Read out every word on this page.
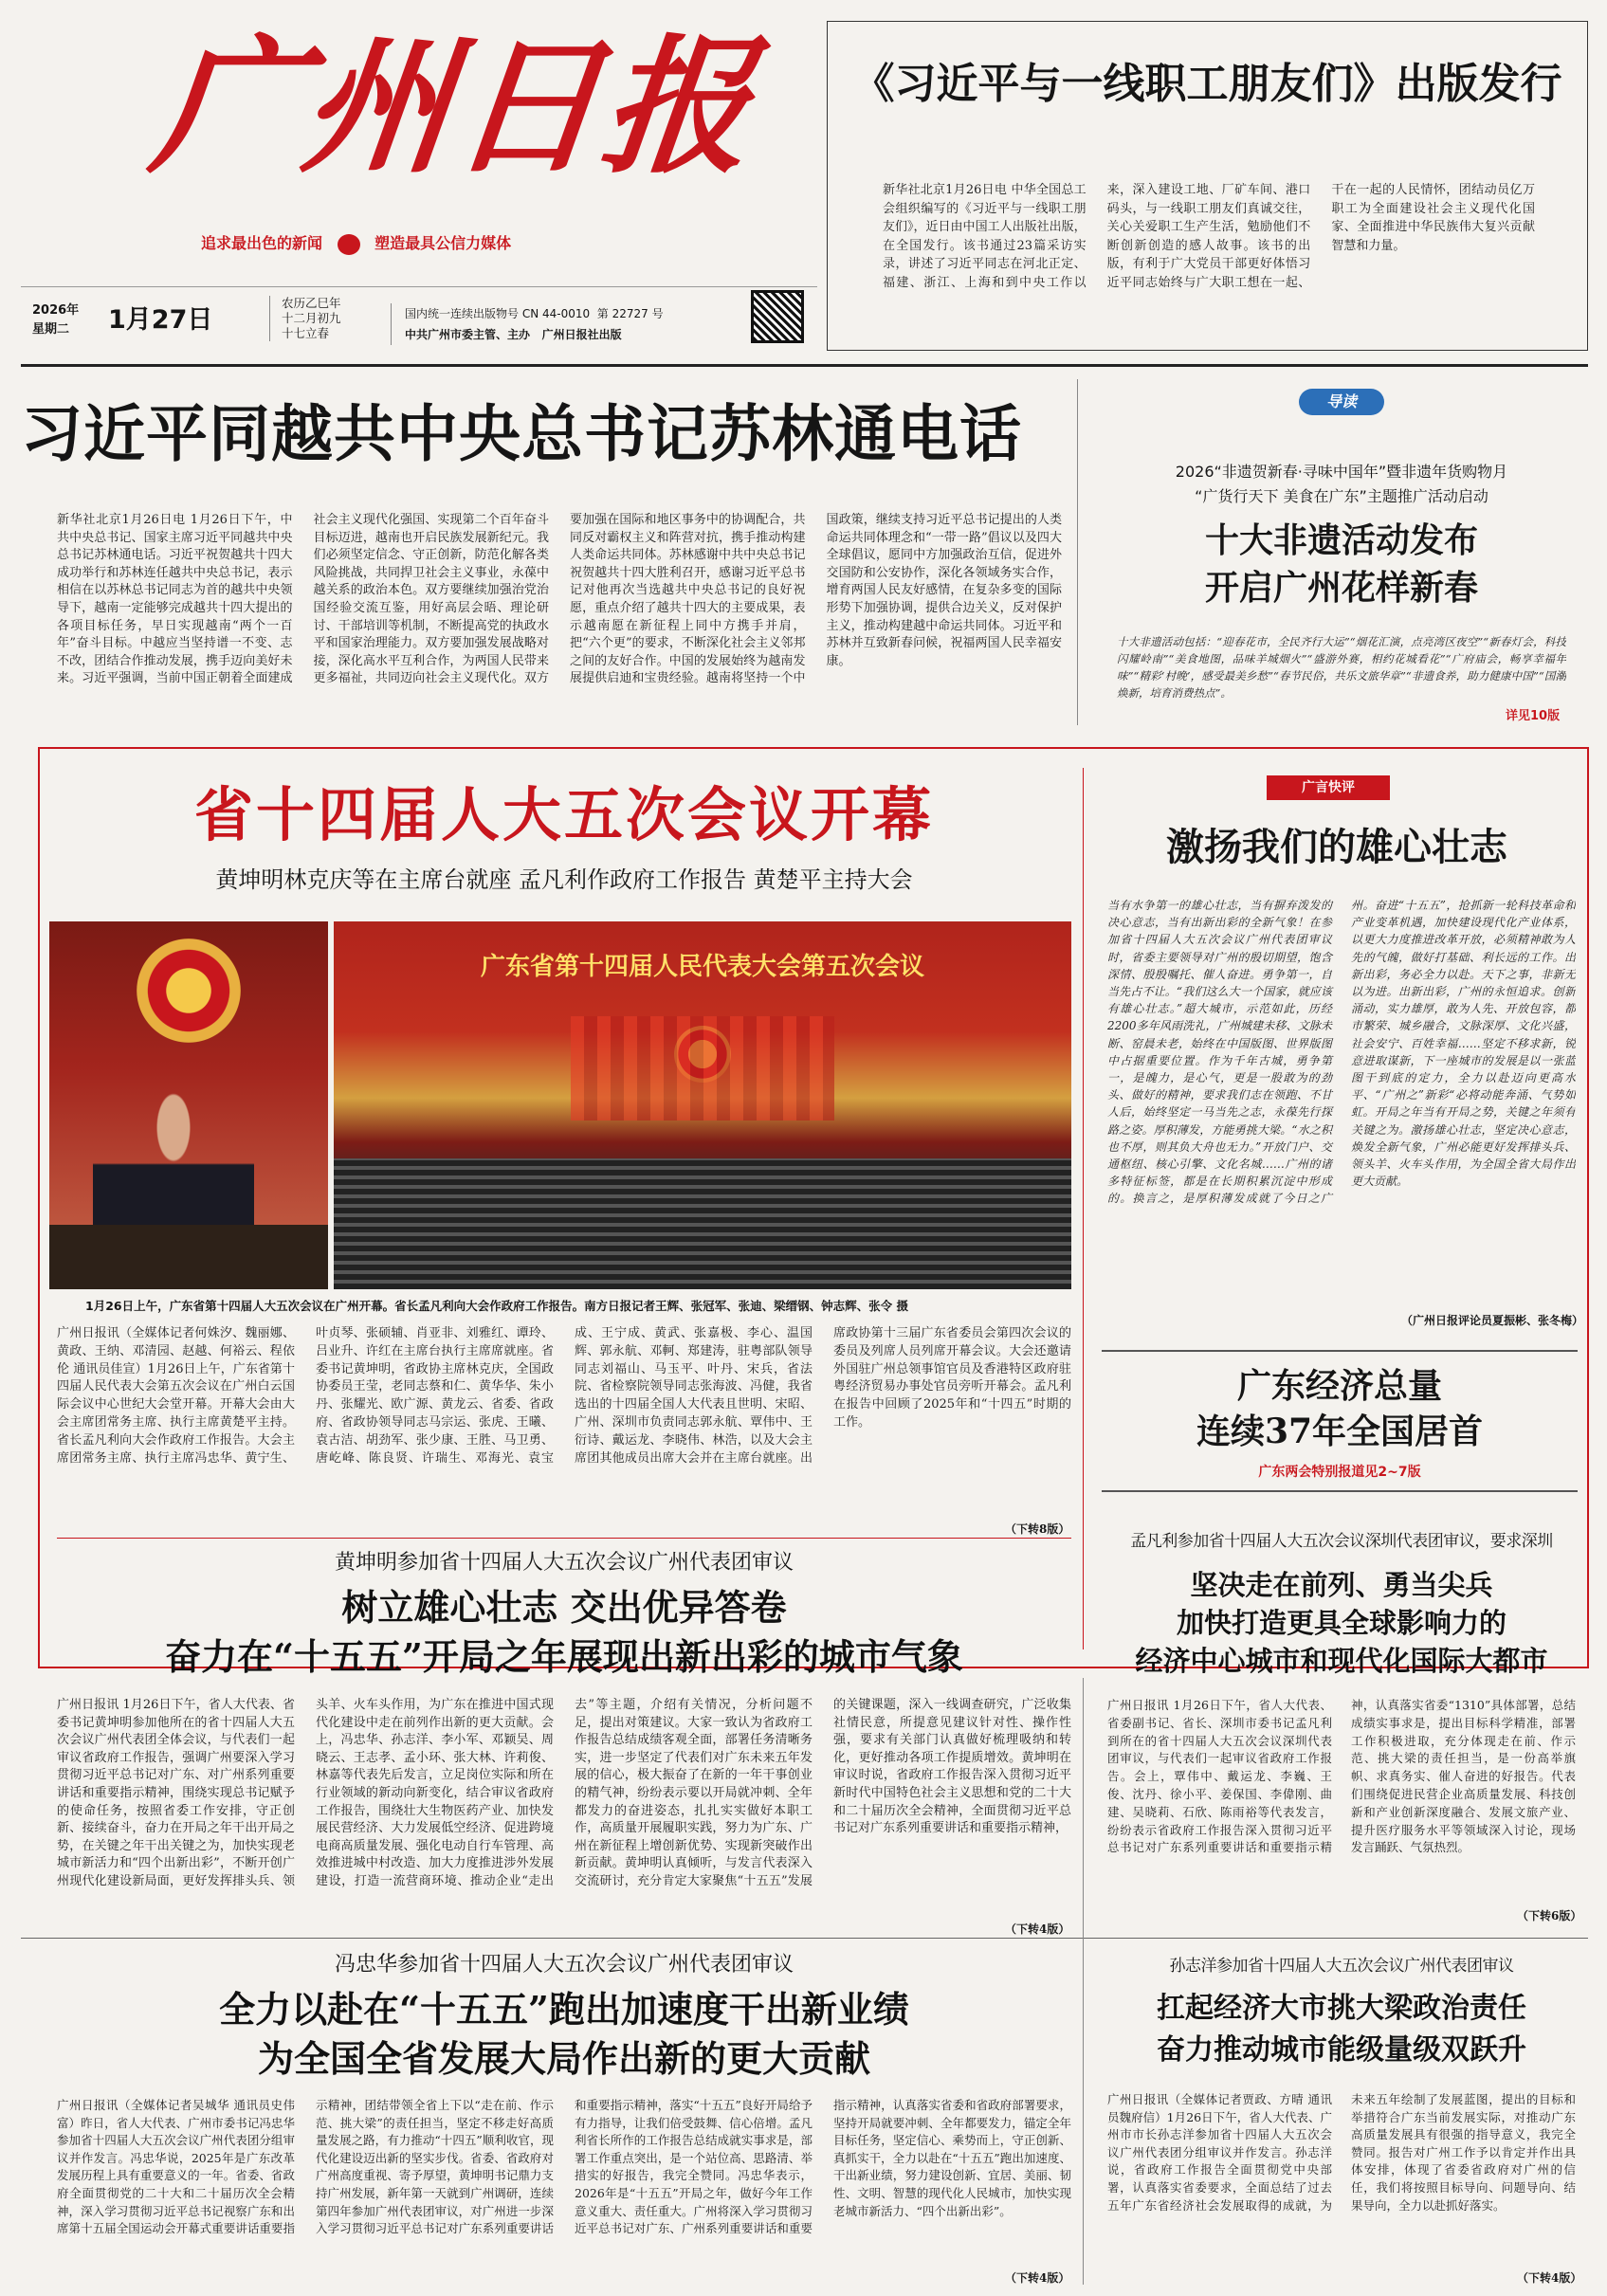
广州日报
追求最出色的新闻	塑造最具公信力媒体
2026年
星期二	1月27日
农历乙巳年
十二月初九
十七立春
国内统一连续出版物号 CN 44-0010 第 22727 号
中共广州市委主管、主办 广州日报社出版
《习近平与一线职工朋友们》出版发行
新华社北京1月26日电 中华全国总工会组织编写的《习近平与一线职工朋友们》，近日由中国工人出版社出版，在全国发行。该书通过23篇采访实录，讲述了习近平同志在河北正定、福建、浙江、上海和到中央工作以来，深入建设工地、厂矿车间、港口码头，与一线职工朋友们真诚交往，关心关爱职工生产生活，勉励他们不断创新创造的感人故事。该书的出版，有利于广大党员干部更好体悟习近平同志始终与广大职工想在一起、干在一起的人民情怀，团结动员亿万职工为全面建设社会主义现代化国家、全面推进中华民族伟大复兴贡献智慧和力量。
习近平同越共中央总书记苏林通电话
新华社北京1月26日电 1月26日下午，中共中央总书记、国家主席习近平同越共中央总书记苏林通电话。习近平祝贺越共十四大成功举行和苏林连任越共中央总书记，表示相信在以苏林总书记同志为首的越共中央领导下，越南一定能够完成越共十四大提出的各项目标任务，早日实现越南“两个一百年”奋斗目标。中越应当坚持谱一不变、志不改，团结合作推动发展，携手迈向美好未来。习近平强调，当前中国正朝着全面建成社会主义现代化强国、实现第二个百年奋斗目标迈进，越南也开启民族发展新纪元。我们必须坚定信念、守正创新，防范化解各类风险挑战，共同捍卫社会主义事业，永葆中越关系的政治本色。双方要继续加强治党治国经验交流互鉴，用好高层会晤、理论研讨、干部培训等机制，不断提高党的执政水平和国家治理能力。双方要加强发展战略对接，深化高水平互利合作，为两国人民带来更多福祉，共同迈向社会主义现代化。双方要加强在国际和地区事务中的协调配合，共同反对霸权主义和阵营对抗，携手推动构建人类命运共同体。苏林感谢中共中央总书记祝贺越共十四大胜利召开，感谢习近平总书记对他再次当选越共中央总书记的良好祝愿，重点介绍了越共十四大的主要成果，表示越南愿在新征程上同中方携手并肩，把“六个更”的要求，不断深化社会主义邻邦之间的友好合作。中国的发展始终为越南发展提供启迪和宝贵经验。越南将坚持一个中国政策，继续支持习近平总书记提出的人类命运共同体理念和“一带一路”倡议以及四大全球倡议，愿同中方加强政治互信，促进外交国防和公安协作，深化各领域务实合作，增育两国人民友好感情，在复杂多变的国际形势下加强协调，提供合边关义，反对保护主义，推动构建越中命运共同体。习近平和苏林并互致新春问候，祝福两国人民幸福安康。
导读
2026“非遗贺新春·寻味中国年”暨非遗年货购物月
“广货行天下 美食在广东”主题推广活动启动
十大非遗活动发布
开启广州花样新春
十大非遗活动包括：“迎春花市，全民齐行大运”“烟花汇演，点亮湾区夜空”“新春灯会，科技闪耀岭南”“美食地图，品味羊城烟火”“盛游外赛，相约花城看花”“广府庙会，畅享幸福年味”“精彩‘村晚’，感受最美乡愁”“春节民俗，共乐文旅华章”“非遗食养，助力健康中国”“国潮焕新，培育消费热点”。
详见10版
省十四届人大五次会议开幕
黄坤明林克庆等在主席台就座 孟凡利作政府工作报告 黄楚平主持大会
广东省第十四届人民代表大会第五次会议
1月26日上午，广东省第十四届人大五次会议在广州开幕。省长孟凡利向大会作政府工作报告。南方日报记者王辉、张冠军、张迪、梁缙钢、钟志辉、张令 摄
广州日报讯（全媒体记者何姝汐、魏丽娜、黄政、王纳、邓清园、赵越、何裕云、程依伦 通讯员佳宣）1月26日上午，广东省第十四届人民代表大会第五次会议在广州白云国际会议中心世纪大会堂开幕。开幕大会由大会主席团常务主席、执行主席黄楚平主持。省长孟凡利向大会作政府工作报告。大会主席团常务主席、执行主席冯忠华、黄宁生、叶贞琴、张硕辅、肖亚非、刘雅红、谭玲、吕业升、许红在主席台执行主席席就座。省委书记黄坤明，省政协主席林克庆，全国政协委员王莹，老同志蔡和仁、黄华华、朱小丹、张耀光、欧广源、黄龙云、省委、省政府、省政协领导同志马宗运、张虎、王曦、袁古洁、胡劲军、张少康、王胜、马卫勇、唐屹峰、陈良贤、许瑞生、邓海光、袁宝成、王宁成、黄武、张嘉极、李心、温国辉、郭永航、邓軻、郑建涛，驻粤部队领导同志刘福山、马玉平、叶丹、宋兵，省法院、省检察院领导同志张海波、冯健，我省选出的十四届全国人大代表且世明、宋昭、广州、深圳市负责同志郭永航、覃伟中、王衍诗、戴运龙、李晓伟、林浩，以及大会主席团其他成员出席大会并在主席台就座。出席政协第十三届广东省委员会第四次会议的委员及列席人员列席开幕会议。大会还邀请外国驻广州总领事馆官员及香港特区政府驻粤经济贸易办事处官员旁听开幕会。孟凡利在报告中回顾了2025年和“十四五”时期的工作。
（下转8版）
广言快评
激扬我们的雄心壮志
当有水争第一的雄心壮志，当有摒弃泼发的决心意志，当有出新出彩的全新气象！在参加省十四届人大五次会议广州代表团审议时，省委主要领导对广州的殷切期望，饱含深情、殷殷嘱托、催人奋进。勇争第一，自当先占不让。“我们这么大一个国家，就应该有雄心壮志。”超大城市，示范如此，历经2200多年风雨洗礼，广州城建未移、文脉未断、窑晨未老，始终在中国版图、世界版图中占据重要位置。作为千年古城，勇争第一，是魄力，是心气，更是一股敢为的劲头、做好的精神，要求我们志在领跑、不甘人后，始终坚定一马当先之志，永葆先行探路之姿。厚积薄发，方能勇挑大梁。“水之积也不厚，则其负大舟也无力。”开放门户、交通枢纽、核心引擎、文化名城……广州的诸多特征标签，都是在长期积累沉淀中形成的。换言之，是厚积薄发成就了今日之广州。奋进“十五五”，抢抓新一轮科技革命和产业变革机遇，加快建设现代化产业体系，以更大力度推进改革开放，必须精神敢为人先的气魄，做好打基础、利长远的工作。出新出彩，务必全力以赴。天下之事，非新无以为进。出新出彩，广州的永恒追求。创新涌动，实力雄厚，敢为人先、开放包容，都市繁荣、城乡融合，文脉深厚、文化兴盛，社会安宁、百姓幸福……坚定不移求新，锐意进取谋新，下一座城市的发展是以一张蓝图干到底的定力，全力以赴迈向更高水平、“广州之”新彩“必将动能奔涌、气势如虹。开局之年当有开局之势，关键之年须有关键之为。激扬雄心壮志，坚定决心意志，焕发全新气象，广州必能更好发挥排头兵、领头羊、火车头作用，为全国全省大局作出更大贡献。
（广州日报评论员夏振彬、张冬梅）
广东经济总量
连续37年全国居首
广东两会特别报道见2~7版
黄坤明参加省十四届人大五次会议广州代表团审议
树立雄心壮志 交出优异答卷
奋力在“十五五”开局之年展现出新出彩的城市气象
广州日报讯 1月26日下午，省人大代表、省委书记黄坤明参加他所在的省十四届人大五次会议广州代表团全体会议，与代表们一起审议省政府工作报告，强调广州要深入学习贯彻习近平总书记对广东、对广州系列重要讲话和重要指示精神，围绕实现总书记赋予的使命任务，按照省委工作安排，守正创新、接续奋斗，奋力在开局之年干出开局之势，在关键之年干出关键之为，加快实现老城市新活力和“四个出新出彩”，不断开创广州现代化建设新局面，更好发挥排头兵、领头羊、火车头作用，为广东在推进中国式现代化建设中走在前列作出新的更大贡献。会上，冯忠华、孙志洋、李小军、邓颖吴、周晓云、王志孝、孟小环、张大林、许莉俊、林嘉等代表先后发言，立足岗位实际和所在行业领域的新动向新变化，结合审议省政府工作报告，围绕壮大生物医药产业、加快发展民营经济、大力发展低空经济、促进跨境电商高质量发展、强化电动自行车管理、高效推进城中村改造、加大力度推进涉外发展建设，打造一流营商环境、推动企业“走出去”等主题，介绍有关情况，分析问题不足，提出对策建议。大家一致认为省政府工作报告总结成绩客观全面，部署任务清晰务实，进一步坚定了代表们对广东未来五年发展的信心，极大振奋了在新的一年干事创业的精气神，纷纷表示要以开局就冲刺、全年都发力的奋进姿态，扎扎实实做好本职工作，高质量开展履职实践，努力为广东、广州在新征程上增创新优势、实现新突破作出新贡献。黄坤明认真倾听，与发言代表深入交流研讨，充分肯定大家聚焦“十五五”发展的关键课题，深入一线调查研究，广泛收集社情民意，所提意见建议针对性、操作性强，要求有关部门认真做好梳理吸纳和转化，更好推动各项工作提质增效。黄坤明在审议时说，省政府工作报告深入贯彻习近平新时代中国特色社会主义思想和党的二十大和二十届历次全会精神，全面贯彻习近平总书记对广东系列重要讲话和重要指示精神，
（下转4版）
孟凡利参加省十四届人大五次会议深圳代表团审议，要求深圳
坚决走在前列、勇当尖兵
加快打造更具全球影响力的
经济中心城市和现代化国际大都市
广州日报讯 1月26日下午，省人大代表、省委副书记、省长、深圳市委书记孟凡利到所在的省十四届人大五次会议深圳代表团审议，与代表们一起审议省政府工作报告。会上，覃伟中、戴运龙、李巍、王俊、沈丹、徐小平、姜保国、李偉刚、曲建、吴晓莉、石欣、陈雨裕等代表发言，纷纷表示省政府工作报告深入贯彻习近平总书记对广东系列重要讲话和重要指示精神，认真落实省委“1310”具体部署，总结成绩实事求是，提出目标科学精准，部署工作积极进取，充分体现走在前、作示范、挑大梁的责任担当，是一份高举旗帜、求真务实、催人奋进的好报告。代表们围绕促进民营企业高质量发展、科技创新和产业创新深度融合、发展文旅产业、提升医疗服务水平等领域深入讨论，现场发言踊跃、气氛热烈。
（下转6版）
冯忠华参加省十四届人大五次会议广州代表团审议
全力以赴在“十五五”跑出加速度干出新业绩
为全国全省发展大局作出新的更大贡献
广州日报讯（全媒体记者吴城华 通讯员史伟富）昨日，省人大代表、广州市委书记冯忠华参加省十四届人大五次会议广州代表团分组审议并作发言。冯忠华说，2025年是广东改革发展历程上具有重要意义的一年。省委、省政府全面贯彻党的二十大和二十届历次全会精神，深入学习贯彻习近平总书记视察广东和出席第十五届全国运动会开幕式重要讲话重要指示精神，团结带领全省上下以“走在前、作示范、挑大梁”的责任担当，坚定不移走好高质量发展之路，有力推动“十四五”顺利收官，现代化建设迈出新的坚实步伐。省委、省政府对广州高度重视、寄予厚望，黄坤明书记鼎力支持广州发展，新年第一天就到广州调研，连续第四年参加广州代表团审议，对广州进一步深入学习贯彻习近平总书记对广东系列重要讲话和重要指示精神，落实“十五五”良好开局给予有力指导，让我们倍受鼓舞、信心倍增。孟凡利省长所作的工作报告总结成就实事求是，部署工作重点突出，是一个站位高、思路清、举措实的好报告，我完全赞同。冯忠华表示，2026年是“十五五”开局之年，做好今年工作意义重大、责任重大。广州将深入学习贯彻习近平总书记对广东、广州系列重要讲话和重要指示精神，认真落实省委和省政府部署要求，坚持开局就要冲刺、全年都要发力，锚定全年目标任务，坚定信心、乘势而上，守正创新、真抓实干，全力以赴在“十五五”跑出加速度、干出新业绩，努力建设创新、宜居、美丽、韧性、文明、智慧的现代化人民城市，加快实现老城市新活力、“四个出新出彩”。
（下转4版）
孙志洋参加省十四届人大五次会议广州代表团审议
扛起经济大市挑大梁政治责任
奋力推动城市能级量级双跃升
广州日报讯（全媒体记者贾政、方晴 通讯员魏府信）1月26日下午，省人大代表、广州市市长孙志洋参加省十四届人大五次会议广州代表团分组审议并作发言。孙志洋说，省政府工作报告全面贯彻党中央部署，认真落实省委要求，全面总结了过去五年广东省经济社会发展取得的成就，为未来五年绘制了发展蓝图，提出的目标和举措符合广东当前发展实际，对推动广东高质量发展具有很强的指导意义，我完全赞同。报告对广州工作予以肯定并作出具体安排，体现了省委省政府对广州的信任，我们将按照目标导向、问题导向、结果导向，全力以赴抓好落实。
（下转4版）
